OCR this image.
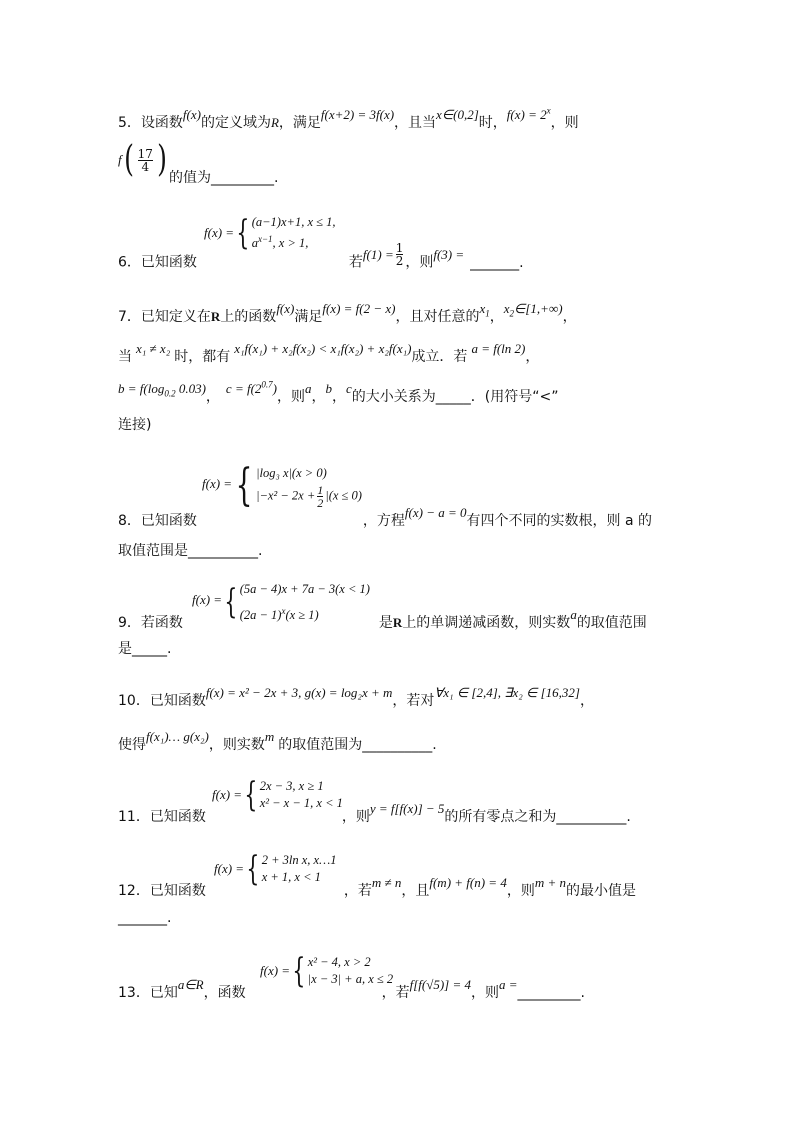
5．设函数f(x)的定义域为R，满足f(x+2) = 3f(x)，且当x∈(0,2]时，$f(x) = 2^x$，则
$f( \frac{17}{4}$ ) 的值为_________.
f(x) ={ (a−1)x+1, x ≤ 1,
$a^{x-1}$, x > 1,
6．已知函数	若$f(1) = \frac{1}{2}$ ，则f(3) =_______.
7．已知定义在R上的函数f(x)满足f(x) = f(2 − x)，且对任意的$x_1$，$x_2\in[1,+\infty)$，
当x₁ ≠ x₂时，都有x₁f(x₁) + x₂f(x₂) < x₁f(x₂) + x₂f(x₁)成立．若a = f(ln 2)，
$b = f(\log_{0.2}$ 0.03)，$c = f(2^{0.7})$，则a，b，c的大小关系为_____．(用符号“<”
连接)
f(x) ={ |log₃ x|(x > 0)
$|-x^2 - 2x + \frac{1}{2} |(x \le 0)$
8．已知函数	，方程f(x) − a = 0有四个不同的实数根，则 a 的
取值范围是__________.
f(x) ={ (5a − 4)x + 7a − 3(x < 1)
$(2a - 1)^x(x \ge 1)$
9．若函数	是R上的单调递减函数，则实数a的取值范围
是_____.
10．已知函数f(x) = x² − 2x + 3, g(x) = log₂x + m，若对∀x₁ ∈ [2,4], ∃x₂ ∈ [16,32]，
使得f(x₁)… g(x₂)，则实数m的取值范围为__________.
f(x) ={ 2x − 3, x ≥ 1
x² − x − 1, x < 1
11．已知函数	，则y = f[f(x)] − 5的所有零点之和为__________.
f(x) ={ 2 + 3ln x, x…1
x + 1, x < 1
12．已知函数	，若m ≠ n，且f(m) + f(n) = 4，则m + n的最小值是
_______.
f(x) ={ x² − 4, x > 2
|x − 3| + a, x ≤ 2
13．已知a∈R，函数	，若f[f(√5)] = 4，则a =_________.
